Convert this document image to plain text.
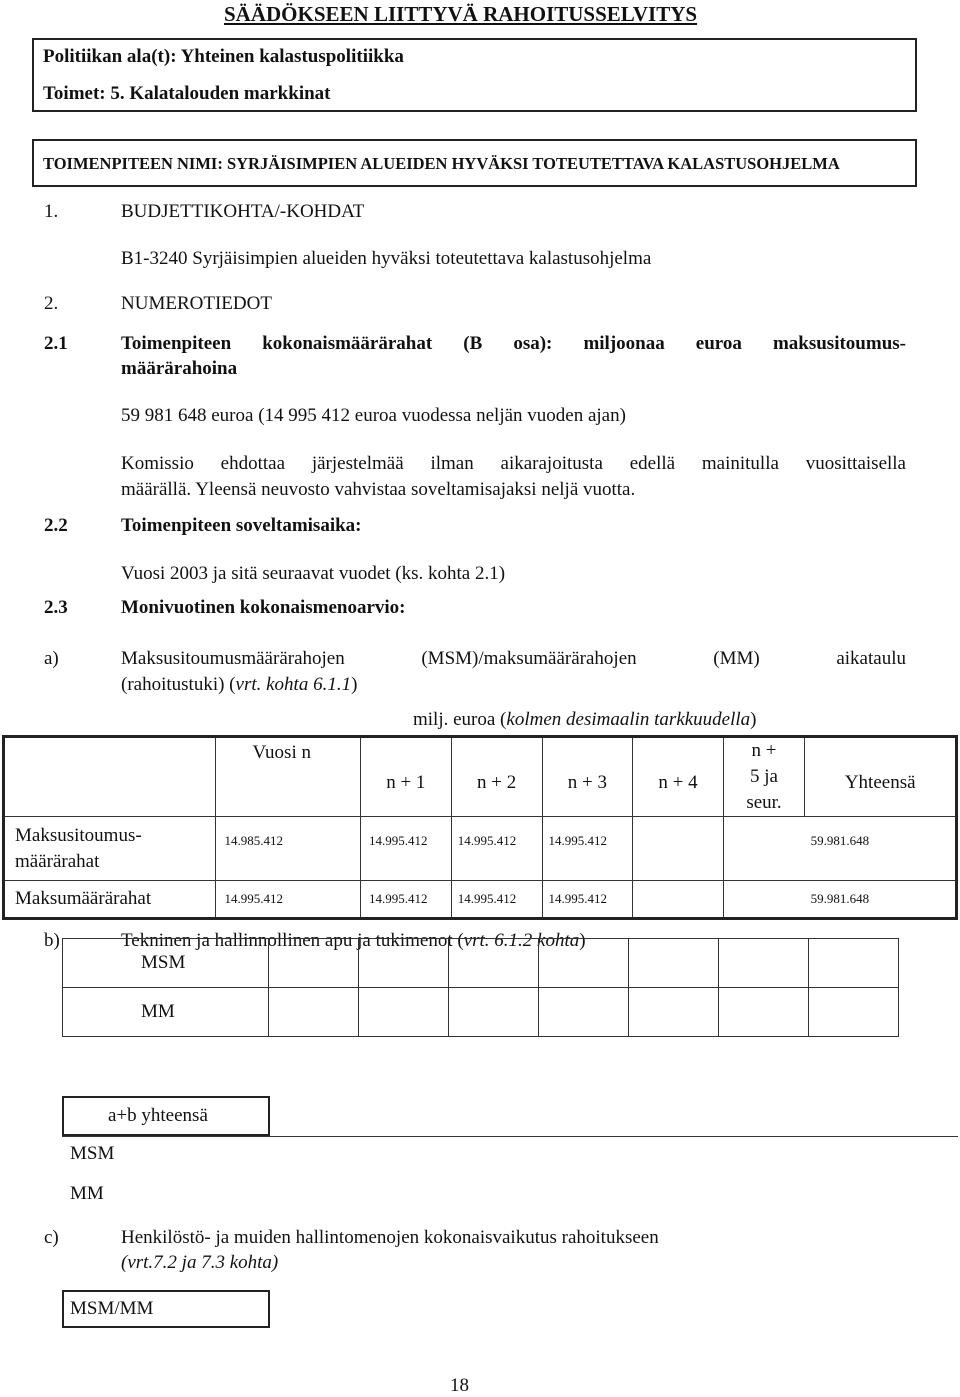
SÄÄDÖKSEEN LIITTYVÄ RAHOITUSSELVITYS
Politiikan ala(t): Yhteinen kalastuspolitiikka
Toimet: 5. Kalatalouden markkinat
TOIMENPITEEN NIMI: SYRJÄISIMPIEN ALUEIDEN HYVÄKSI TOTEUTETTAVA KALASTUSOHJELMA
1.	BUDJETTIKOHTA/-KOHDAT
B1-3240 Syrjäisimpien alueiden hyväksi toteutettava kalastusohjelma
2.	NUMEROTIEDOT
2.1	Toimenpiteen kokonaismäärärahat (B osa): miljoonaa euroa maksusitoumus-
määrärahoina
59 981 648 euroa (14 995 412 euroa vuodessa neljän vuoden ajan)
Komissio ehdottaa järjestelmää ilman aikarajoitusta edellä mainitulla vuosittaisella
määrällä. Yleensä neuvosto vahvistaa soveltamisajaksi neljä vuotta.
2.2	Toimenpiteen soveltamisaika:
Vuosi 2003 ja sitä seuraavat vuodet (ks. kohta 2.1)
2.3	Monivuotinen kokonaismenoarvio:
a)	Maksusitoumusmäärärahojen	(MSM)/maksumäärärahojen	(MM)	aikataulu
(rahoitustuki) (vrt. kohta 6.1.1)
milj. euroa (kolmen desimaalin tarkkuudella)
	Vuosi n	n + 1	n + 2	n + 3	n + 4	n +
5 ja
seur.	Yhteensä

Maksusitoumus-
määrärahat	14.985.412	14.995.412	14.995.412	14.995.412		59.981.648	
Maksumäärärahat	14.995.412	14.995.412	14.995.412	14.995.412		59.981.648	
b)	Tekninen ja hallinnollinen apu ja tukimenot (vrt. 6.1.2 kohta)
MSM							
MM							
a+b yhteensä
MSM
MM
c)	Henkilöstö- ja muiden hallintomenojen kokonaisvaikutus rahoitukseen
(vrt.7.2 ja 7.3 kohta)
MSM/MM
18
